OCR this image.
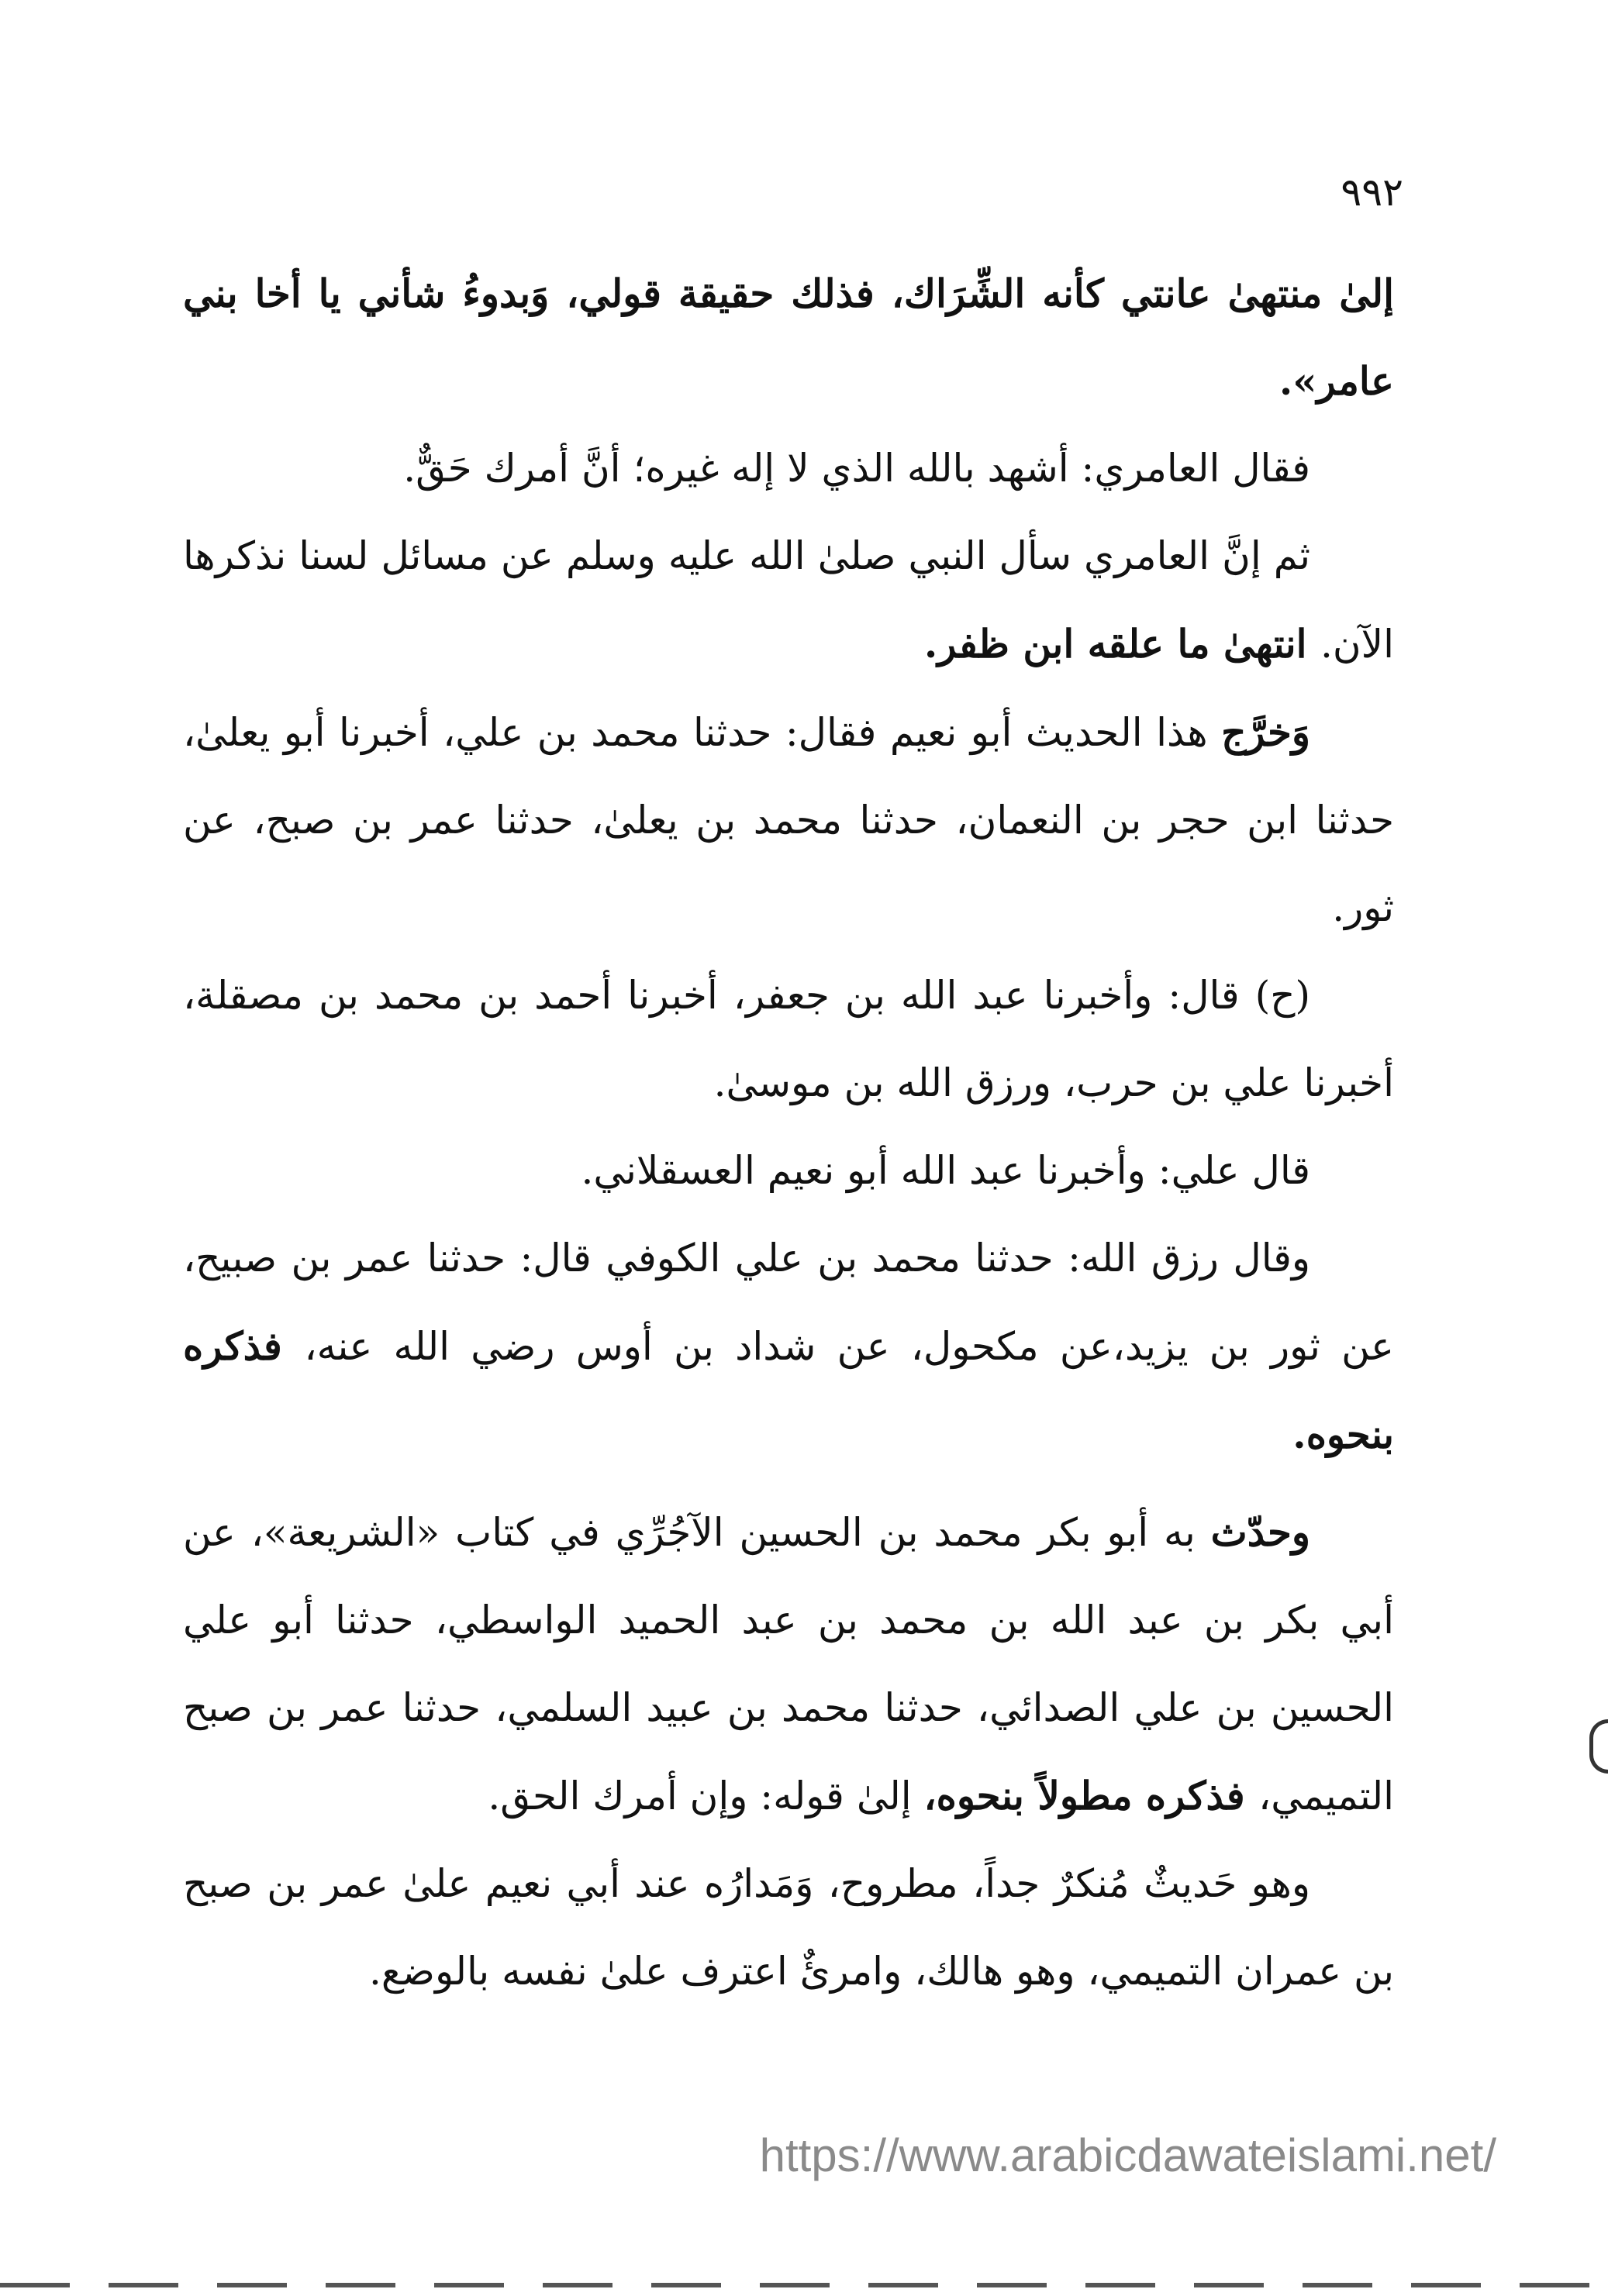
٩٩٢

إلىٰ منتهىٰ عانتي كأنه الشِّرَاك، فذلك حقيقة قولي، وَبدوءُ شأني يا أخا بني عامر».

فقال العامري: أشهد بالله الذي لا إله غيره؛ أنَّ أمرك حَقٌّ.

ثم إنَّ العامري سأل النبي صلىٰ الله عليه وسلم عن مسائل لسنا نذكرها الآن. انتهىٰ ما علقه ابن ظفر.

وَخرَّج هذا الحديث أبو نعيم فقال: حدثنا محمد بن علي، أخبرنا أبو يعلىٰ، حدثنا ابن حجر بن النعمان، حدثنا محمد بن يعلىٰ، حدثنا عمر بن صبح، عن ثور.

(ح) قال: وأخبرنا عبد الله بن جعفر، أخبرنا أحمد بن محمد بن مصقلة، أخبرنا علي بن حرب، ورزق الله بن موسىٰ.

قال علي: وأخبرنا عبد الله أبو نعيم العسقلاني.

وقال رزق الله: حدثنا محمد بن علي الكوفي قال: حدثنا عمر بن صبيح، عن ثور بن يزيد،عن مكحول، عن شداد بن أوس رضي الله عنه، فذكره بنحوه.

وحدّث به أبو بكر محمد بن الحسين الآجُرِّي في كتاب «الشريعة»، عن أبي بكر بن عبد الله بن محمد بن عبد الحميد الواسطي، حدثنا أبو علي الحسين بن علي الصدائي، حدثنا محمد بن عبيد السلمي، حدثنا عمر بن صبح التميمي، فذكره مطولاً بنحوه، إلىٰ قوله: وإن أمرك الحق.

وهو حَديثٌ مُنكرٌ جداً، مطروح، وَمَدارُه عند أبي نعيم علىٰ عمر بن صبح بن عمران التميمي، وهو هالك، وامرئٌ اعترف علىٰ نفسه بالوضع.

https://www.arabicdawateislami.net/
